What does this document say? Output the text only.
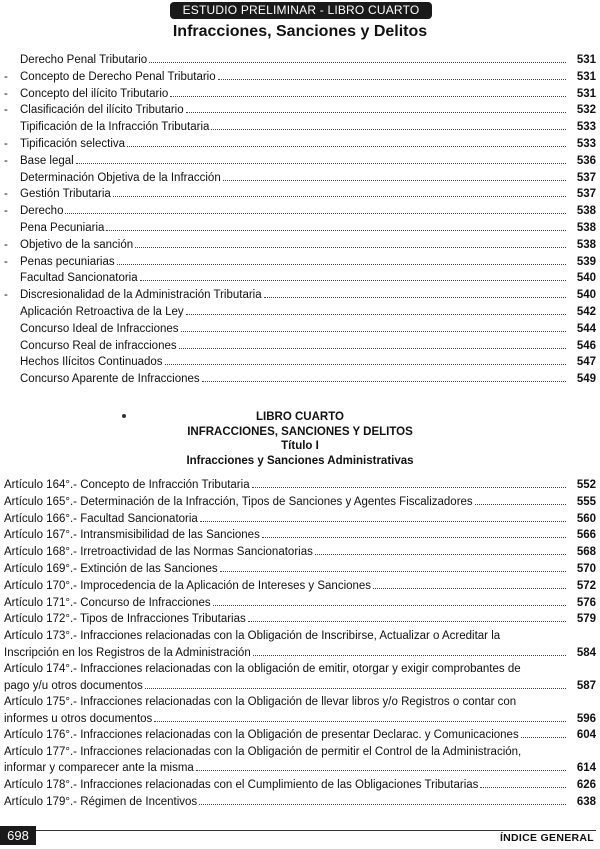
ESTUDIO PRELIMINAR - LIBRO CUARTO
Infracciones, Sanciones y Delitos
Derecho Penal Tributario	531
- Concepto de Derecho Penal Tributario	531
- Concepto del ilícito Tributario	531
- Clasificación del ilícito Tributario	532
Tipificación de la Infracción Tributaria	533
- Tipificación selectiva	533
- Base legal	536
Determinación Objetiva de la Infracción	537
- Gestión Tributaria	537
- Derecho	538
Pena Pecuniaria	538
- Objetivo de la sanción	538
- Penas pecuniarias	539
Facultad Sancionatoria	540
- Discresionalidad de la Administración Tributaria	540
Aplicación Retroactiva de la Ley	542
Concurso Ideal de Infracciones	544
Concurso Real de infracciones	546
Hechos Ilícitos Continuados	547
Concurso Aparente de Infracciones	549
LIBRO CUARTO
INFRACCIONES, SANCIONES Y DELITOS
Título I
Infracciones y Sanciones Administrativas
Artículo 164°.- Concepto de Infracción Tributaria	552
Artículo 165°.- Determinación de la Infracción, Tipos de Sanciones y Agentes Fiscalizadores	555
Artículo 166°.- Facultad Sancionatoria	560
Artículo 167°.- Intransmisibilidad de las Sanciones	566
Artículo 168°.- Irretroactividad de las Normas Sancionatorias	568
Artículo 169°.- Extinción de las Sanciones	570
Artículo 170°.- Improcedencia de la Aplicación de Intereses y Sanciones	572
Artículo 171°.- Concurso de Infracciones	576
Artículo 172°.- Tipos de Infracciones Tributarias	579
Artículo 173°.- Infracciones relacionadas con la Obligación de Inscribirse, Actualizar o Acreditar la
Inscripción en los Registros de la Administración	584
Artículo 174°.- Infracciones relacionadas con la obligación de emitir, otorgar y exigir comprobantes de
pago y/u otros documentos	587
Artículo 175°.- Infracciones relacionadas con la Obligación de llevar libros y/o Registros o contar con
informes u otros documentos	596
Artículo 176°.- Infracciones relacionadas con la Obligación de presentar Declarac. y Comunicaciones	604
Artículo 177°.- Infracciones relacionadas con la Obligación de permitir el Control de la Administración,
informar y comparecer ante la misma	614
Artículo 178°.- Infracciones relacionadas con el Cumplimiento de las Obligaciones Tributarias	626
Artículo 179°.- Régimen de Incentivos	638
698	ÍNDICE GENERAL
